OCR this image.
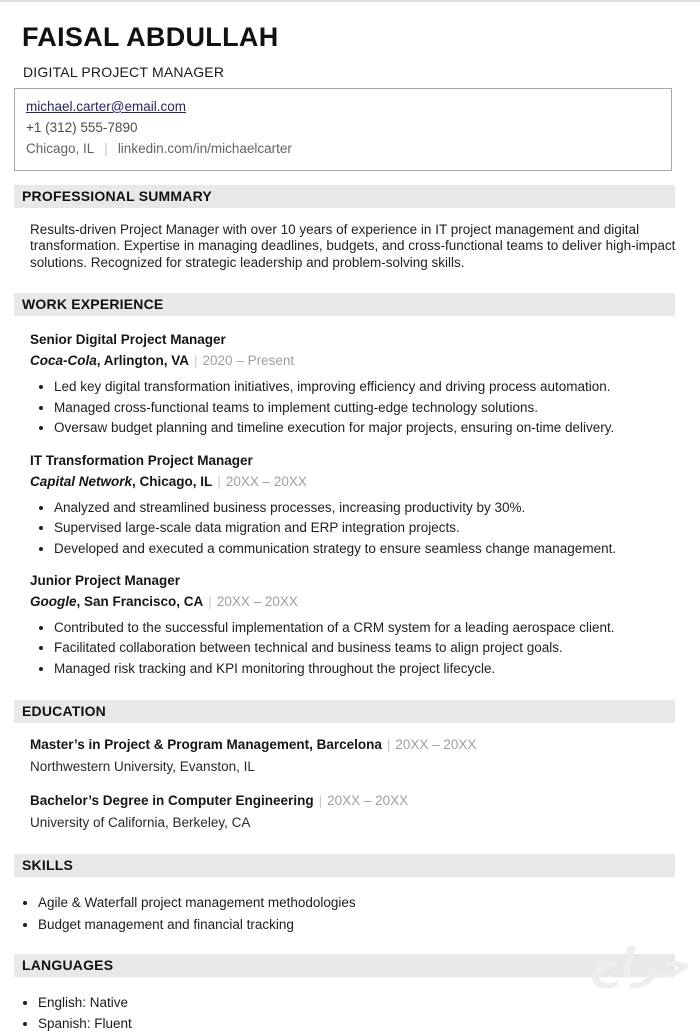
FAISAL ABDULLAH
DIGITAL PROJECT MANAGER
michael.carter@email.com
+1 (312) 555-7890
Chicago, IL | linkedin.com/in/michaelcarter
PROFESSIONAL SUMMARY

Results-driven Project Manager with over 10 years of experience in IT project management and digital transformation. Expertise in managing deadlines, budgets, and cross-functional teams to deliver high-impact solutions. Recognized for strategic leadership and problem-solving skills.

WORK EXPERIENCE
Senior Digital Project Manager
Coca-Cola, Arlington, VA | 2020 – Present
• Led key digital transformation initiatives, improving efficiency and driving process automation.
• Managed cross-functional teams to implement cutting-edge technology solutions.
• Oversaw budget planning and timeline execution for major projects, ensuring on-time delivery.
IT Transformation Project Manager
Capital Network, Chicago, IL | 20XX – 20XX
• Analyzed and streamlined business processes, increasing productivity by 30%.
• Supervised large-scale data migration and ERP integration projects.
• Developed and executed a communication strategy to ensure seamless change management.
Junior Project Manager
Google, San Francisco, CA | 20XX – 20XX
• Contributed to the successful implementation of a CRM system for a leading aerospace client.
• Facilitated collaboration between technical and business teams to align project goals.
• Managed risk tracking and KPI monitoring throughout the project lifecycle.
EDUCATION
Master’s in Project & Program Management, Barcelona | 20XX – 20XX
Northwestern University, Evanston, IL
Bachelor’s Degree in Computer Engineering | 20XX – 20XX
University of California, Berkeley, CA
SKILLS
• Agile & Waterfall project management methodologies
• Budget management and financial tracking
LANGUAGES
• English: Native
• Spanish: Fluent
حراج
